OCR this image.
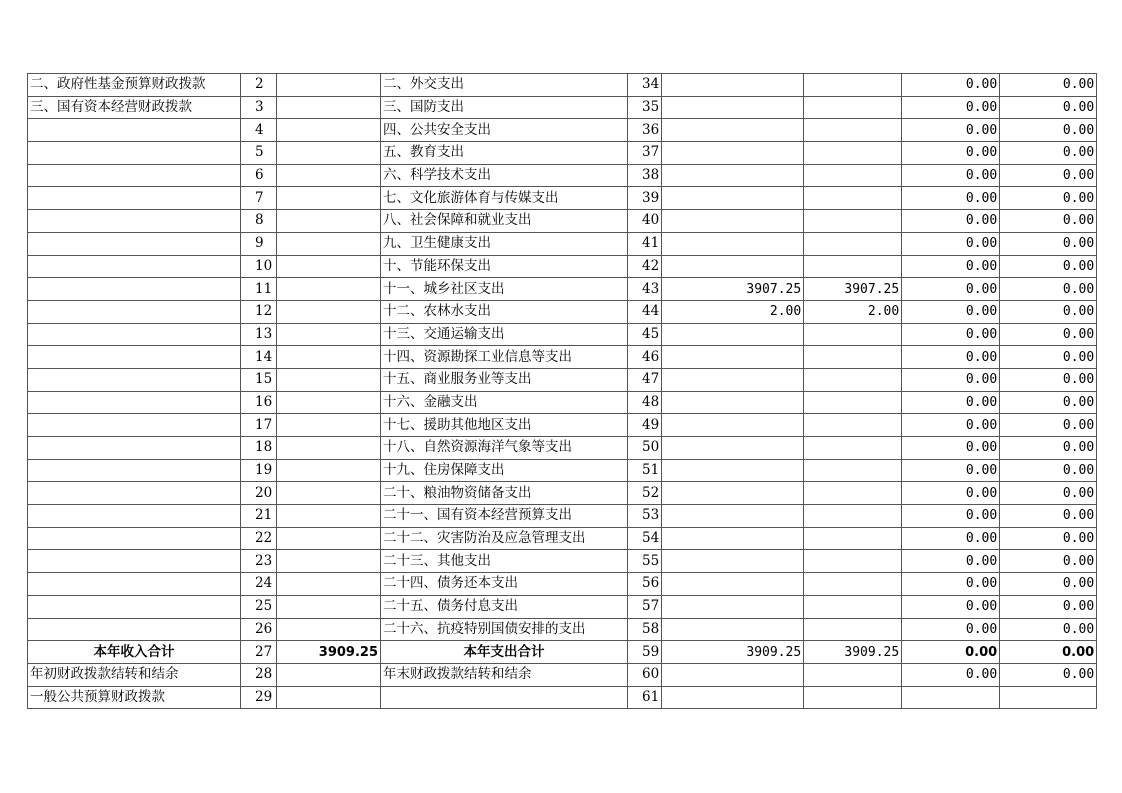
二、政府性基金预算财政拨款	2		二、外交支出	34			0.00	0.00
三、国有资本经营财政拨款	3		三、国防支出	35			0.00	0.00
	4		四、公共安全支出	36			0.00	0.00
	5		五、教育支出	37			0.00	0.00
	6		六、科学技术支出	38			0.00	0.00
	7		七、文化旅游体育与传媒支出	39			0.00	0.00
	8		八、社会保障和就业支出	40			0.00	0.00
	9		九、卫生健康支出	41			0.00	0.00
	10		十、节能环保支出	42			0.00	0.00
	11		十一、城乡社区支出	43	3907.25	3907.25	0.00	0.00
	12		十二、农林水支出	44	2.00	2.00	0.00	0.00
	13		十三、交通运输支出	45			0.00	0.00
	14		十四、资源勘探工业信息等支出	46			0.00	0.00
	15		十五、商业服务业等支出	47			0.00	0.00
	16		十六、金融支出	48			0.00	0.00
	17		十七、援助其他地区支出	49			0.00	0.00
	18		十八、自然资源海洋气象等支出	50			0.00	0.00
	19		十九、住房保障支出	51			0.00	0.00
	20		二十、粮油物资储备支出	52			0.00	0.00
	21		二十一、国有资本经营预算支出	53			0.00	0.00
	22		二十二、灾害防治及应急管理支出	54			0.00	0.00
	23		二十三、其他支出	55			0.00	0.00
	24		二十四、债务还本支出	56			0.00	0.00
	25		二十五、债务付息支出	57			0.00	0.00
	26		二十六、抗疫特别国债安排的支出	58			0.00	0.00
本年收入合计	27	3909.25	本年支出合计	59	3909.25	3909.25	0.00	0.00
年初财政拨款结转和结余	28		年末财政拨款结转和结余	60			0.00	0.00
一般公共预算财政拨款	29			61				
